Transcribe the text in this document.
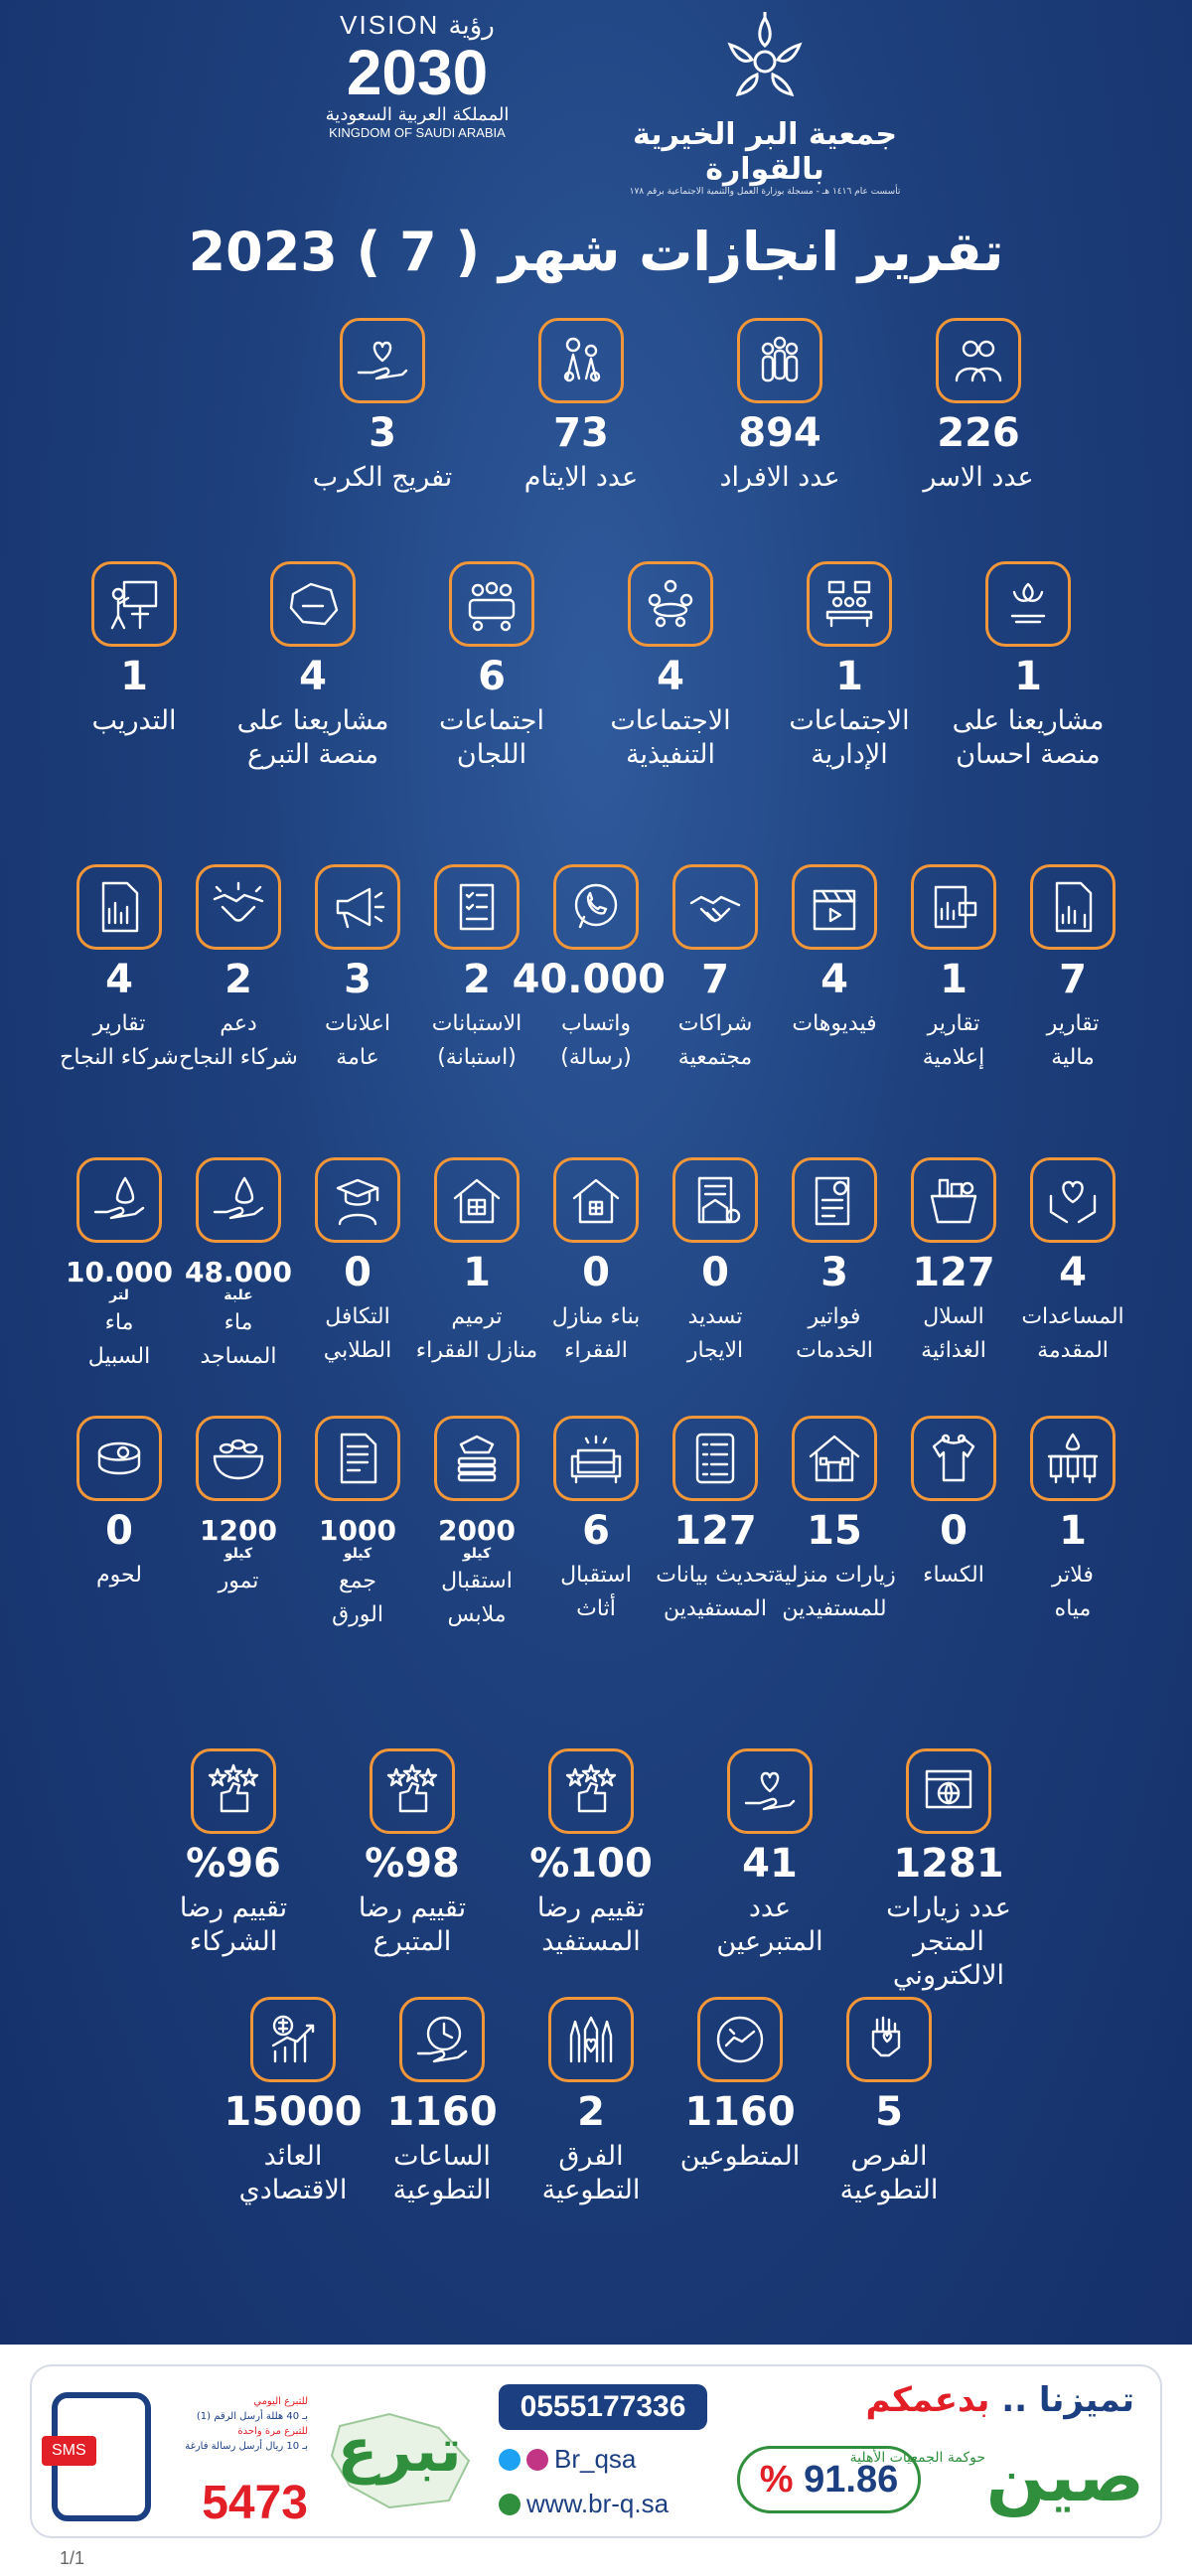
VISION رؤية
2030
المملكة العربية السعودية
KINGDOM OF SAUDI ARABIA	جمعية البر الخيرية بالقوارة
تأسست عام ١٤١٦ هـ - مسجلة بوزارة العمل والتنمية الاجتماعية برقم ١٧٨
تقرير انجازات شهر ( 7 ) 2023
226
عدد الاسر
894
عدد الافراد
73
عدد الايتام
3
تفريج الكرب
1
مشاريعنا على
منصة احسان
1
الاجتماعات
الإدارية
4
الاجتماعات
التنفيذية
6
اجتماعات
اللجان
4
مشاريعنا على
منصة التبرع
1
التدريب
7
تقارير
مالية
1
تقارير
إعلامية
4
فيديوهات
7
شراكات
مجتمعية
40.000
واتساب
(رسالة)
2
الاستبانات
(استبانة)
3
اعلانات
عامة
2
دعم
شركاء النجاح
4
تقارير
شركاء النجاح
4
المساعدات
المقدمة
127
السلال
الغذائية
3
فواتير
الخدمات
0
تسديد
الايجار
0
بناء منازل
الفقراء
1
ترميم
منازل الفقراء
0
التكافل
الطلابي
48.000
علبة
ماء
المساجد
10.000
لتر
ماء
السبيل
1
فلاتر
مياه
0
الكساء
15
زيارات منزلية
للمستفيدين
127
تحديث بيانات
المستفيدين
6
استقبال
أثاث
2000
كيلو
استقبال
ملابس
1000
كيلو
جمع
الورق
1200
كيلو
تمور
0
لحوم
1281
عدد زيارات
المتجر الالكتروني
41
عدد
المتبرعين
%100
تقييم رضا
المستفيد
%98
تقييم رضا
المتبرع
%96
تقييم رضا
الشركاء
5
الفرص
التطوعية
1160
المتطوعين
2
الفرق
التطوعية
1160
الساعات
التطوعية
15000
العائد
الاقتصادي
SMS
للتبرع اليومي
بـ 40 هللة أرسل الرقم (1)
للتبرع مرة واحدة
بـ 10 ريال أرسل رسالة فارغة
5473
تبرع
0555177336
Br_qsa
www.br-q.sa
تميزنا .. بدعمكم
صين
حوكمة الجمعيات الأهلية
% 91.86
1/1
